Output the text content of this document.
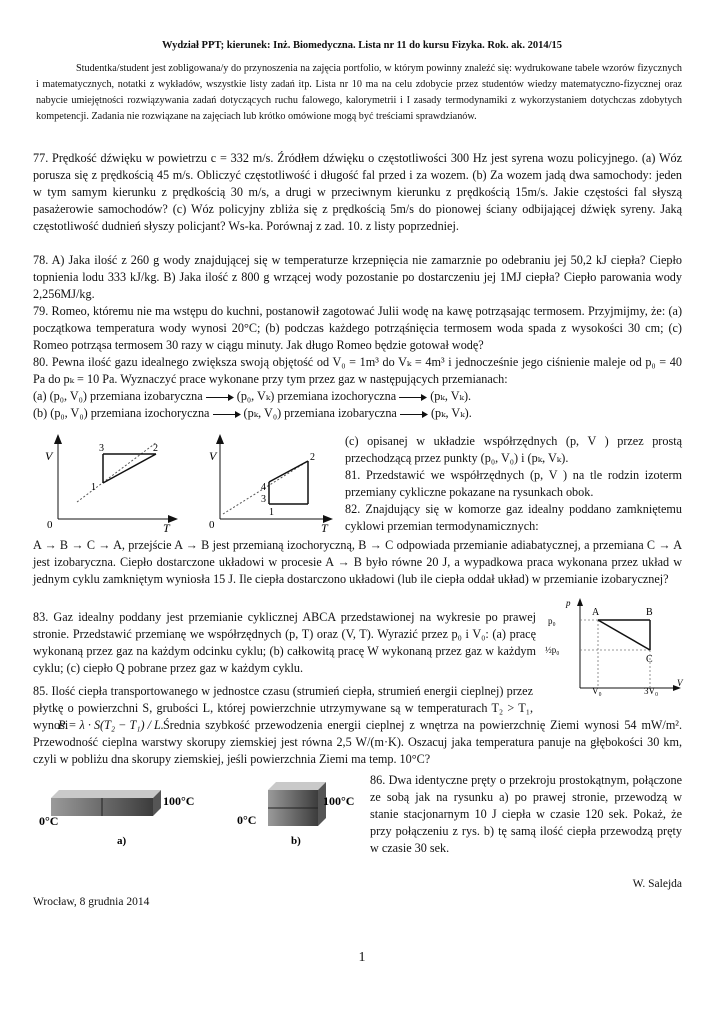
Wydział PPT; kierunek: Inż. Biomedyczna. Lista nr 11 do kursu Fizyka. Rok. ak. 2014/15
Studentka/student jest zobligowana/y do przynoszenia na zajęcia portfolio, w którym powinny znaleźć się: wydrukowane tabele wzorów fizycznych i matematycznych, notatki z wykładów, wszystkie listy zadań itp. Lista nr 10 ma na celu zdobycie przez studentów wiedzy matematyczno-fizycznej oraz nabycie umiejętności rozwiązywania zadań dotyczących ruchu falowego, kalorymetrii i I zasady termodynamiki z wykorzystaniem dotychczas zdobytych kompetencji. Zadania nie rozwiązane na zajęciach lub krótko omówione mogą być treściami sprawdzianów.
77. Prędkość dźwięku w powietrzu c = 332 m/s. Źródłem dźwięku o częstotliwości 300 Hz jest syrena wozu policyjnego. (a) Wóz porusza się z prędkością 45 m/s. Obliczyć częstotliwość i długość fal przed i za wozem. (b) Za wozem jadą dwa samochody: jeden w tym samym kierunku z prędkością 30 m/s, a drugi w przeciwnym kierunku z prędkością 15m/s. Jakie częstości fal słyszą pasażerowie samochodów? (c) Wóz policyjny zbliża się z prędkością 5m/s do pionowej ściany odbijającej dźwięk syreny. Jaką częstotliwość dudnień słyszy policjant? Ws-ka. Porównaj z zad. 10. z listy poprzedniej.
78. A) Jaka ilość z 260 g wody znajdującej się w temperaturze krzepnięcia nie zamarznie po odebraniu jej 50,2 kJ ciepła? Ciepło topnienia lodu 333 kJ/kg. B) Jaka ilość z 800 g wrzącej wody pozostanie po dostarczeniu jej 1MJ ciepła? Ciepło parowania wody 2,256MJ/kg.
79. Romeo, któremu nie ma wstępu do kuchni, postanowił zagotować Julii wodę na kawę potrząsając termosem. Przyjmijmy, że: (a) początkowa temperatura wody wynosi 20°C; (b) podczas każdego potrząśnięcia termosem woda spada z wysokości 30 cm; (c) Romeo potrząsa termosem 30 razy w ciągu minuty. Jak długo Romeo będzie gotował wodę?
80. Pewna ilość gazu idealnego zwiększa swoją objętość od V₀ = 1m³ do Vₖ = 4m³ i jednocześnie jego ciśnienie maleje od p₀ = 40 Pa do pₖ = 10 Pa. Wyznaczyć prace wykonane przy tym przez gaz w następujących przemianach:
(a) (p₀, V₀) przemiana izobaryczna	(p₀, Vₖ) przemiana izochoryczna	(pₖ, Vₖ).
(b) (p₀, V₀) przemiana izochoryczna	(pₖ, V₀) przemiana izobaryczna	(pₖ, Vₖ).
V
T
0
3	2
1
V
T
0
4
3
2
1
(c) opisanej w układzie współrzędnych (p, V ) przez prostą przechodzącą przez punkty (p₀, V₀) i (pₖ, Vₖ).
81. Przedstawić we współrzędnych (p, V ) na tle rodzin izoterm przemiany cykliczne pokazane na rysunkach obok.
82. Znajdujący się w komorze gaz idealny poddano zamkniętemu cyklowi przemian termodynamicznych:
A → B → C → A, przejście A → B jest przemianą izochoryczną, B → C odpowiada przemianie adiabatycznej, a przemiana C → A jest izobaryczna. Ciepło dostarczone układowi w procesie A → B było równe 20 J, a wypadkowa praca wykonana przez układ w jednym cyklu zamkniętym wyniosła 15 J. Ile ciepła dostarczono układowi (lub ile ciepła oddał układ) w przemianie izobarycznej?
83. Gaz idealny poddany jest przemianie cyklicznej ABCA przedstawionej na wykresie po prawej stronie. Przedstawić przemianę we współrzędnych (p, T) oraz (V, T). Wyrazić przez p₀ i V₀: (a) pracę wykonaną przez gaz na każdym odcinku cyklu; (b) całkowitą pracę W wykonaną przez gaz w każdym cyklu; (c) ciepło Q pobrane przez gaz w każdym cyklu.
p
V
p₀
½p₀
V₀	3V₀
A	B
C
85. Ilość ciepła transportowanego w jednostce czasu (strumień ciepła, strumień energii cieplnej) przez płytkę o powierzchni S, grubości L, której powierzchnie utrzymywane są w temperaturach T₂ > T₁, wynosi
P = λ · S(T₂ − T₁) / L. Średnia szybkość przewodzenia energii cieplnej z wnętrza na powierzchnię Ziemi wynosi 54 mW/m². Przewodność cieplna warstwy skorupy ziemskiej jest równa 2,5 W/(m·K). Oszacuj jaka temperatura panuje na głębokości 30 km, czyli w pobliżu dna skorupy ziemskiej, jeśli powierzchnia Ziemi ma temp. 10°C?
86. Dwa identyczne pręty o przekroju prostokątnym, połączone ze sobą jak na rysunku a) po prawej stronie, przewodzą w stanie stacjonarnym 10 J ciepła w czasie 120 sek. Pokaż, że przy połączeniu z rys. b) tę samą ilość ciepła przewodzą pręty w czasie 30 sek.
0°C
100°C
a)
0°C
100°C
b)
W. Salejda
Wrocław, 8 grudnia 2014
1
